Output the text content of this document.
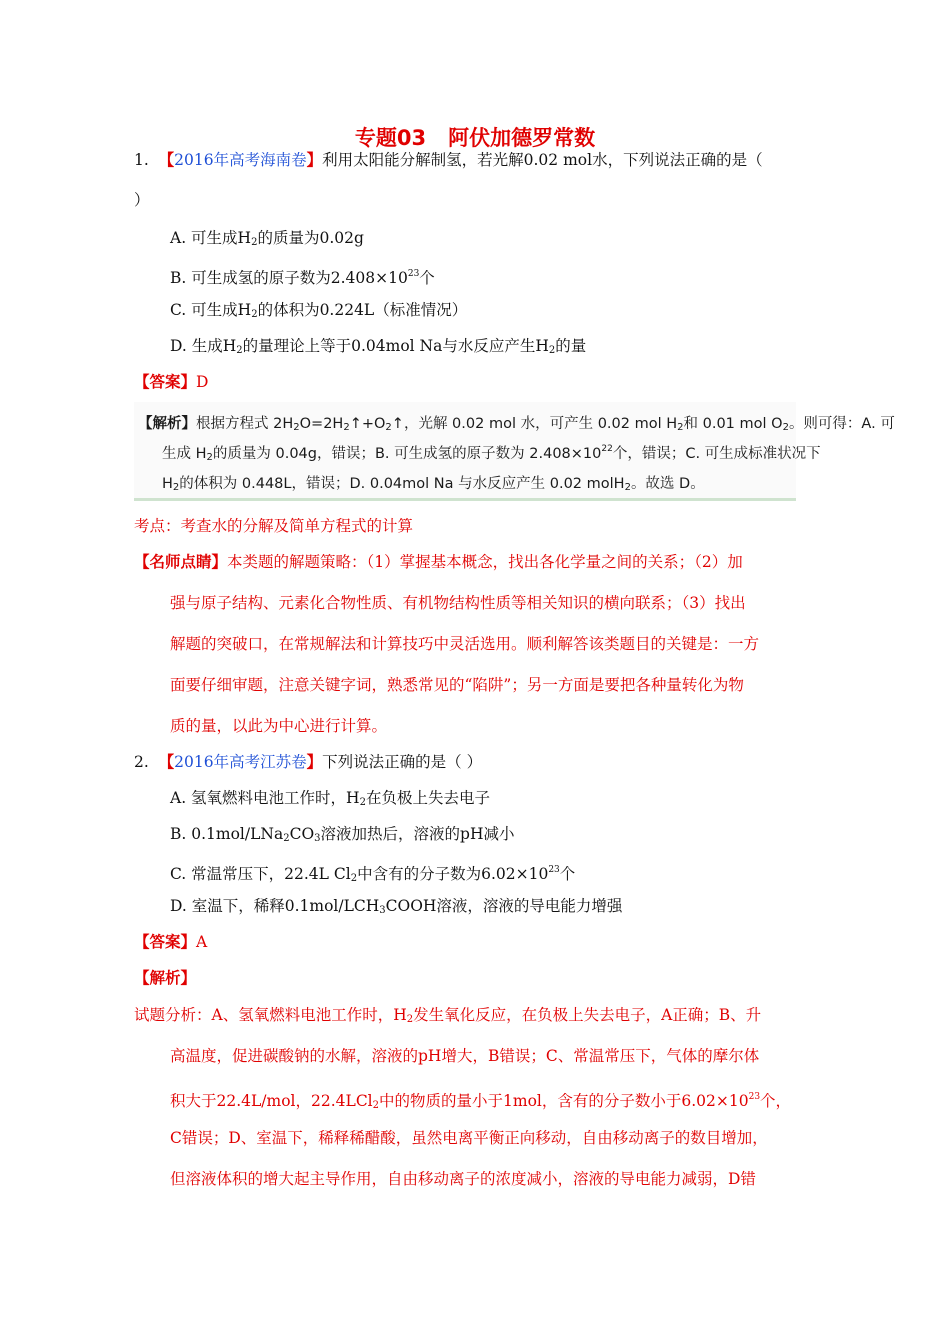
专题03 阿伏加德罗常数
1. 【2016年高考海南卷】利用太阳能分解制氢，若光解0.02 mol水，下列说法正确的是（
）
A. 可生成$H_2$的质量为0.02g
B. 可生成氢的原子数为$2.408\times 10^{23}$个
C. 可生成$H_2$的体积为0.224L（标准情况）
D. 生成$H_2$的量理论上等于0.04mol Na与水反应产生$H_2$的量
【答案】D
【解析】根据方程式 $2H_2O=2H_2↑+O_2↑$，光解 0.02 mol 水，可产生 0.02 mol $H_2$和 0.01 mol $O_2$。则可得：A. 可
生成 $H_2$的质量为 0.04g，错误；B. 可生成氢的原子数为 $2.408\times 10^{22}$个，错误；C. 可生成标准状况下
$H_2$的体积为 0.448L，错误；D. 0.04mol Na 与水反应产生 0.02 molH$_2$。故选 D。
考点：考查水的分解及简单方程式的计算
【名师点睛】本类题的解题策略：（1）掌握基本概念，找出各化学量之间的关系；（2）加
强与原子结构、元素化合物性质、有机物结构性质等相关知识的横向联系；（3）找出
解题的突破口，在常规解法和计算技巧中灵活选用。顺利解答该类题目的关键是：一方
面要仔细审题，注意关键字词，熟悉常见的“陷阱”；另一方面是要把各种量转化为物
质的量，以此为中心进行计算。
2. 【2016年高考江苏卷】下列说法正确的是（ ）
A. 氢氧燃料电池工作时，$H_2$在负极上失去电子
B. $0.1mol/LNa_2CO_3$溶液加热后，溶液的pH减小
C. 常温常压下，22.4L $Cl_2$中含有的分子数为$6.02\times 10^{23}$个
D. 室温下，稀释$0.1mol/LCH_3COOH$溶液，溶液的导电能力增强
【答案】A
【解析】
试题分析：A、氢氧燃料电池工作时，$H_2$发生氧化反应，在负极上失去电子，A正确；B、升
高温度，促进碳酸钠的水解，溶液的pH增大，B错误；C、常温常压下，气体的摩尔体
积大于22.4L/mol，22.4LCl$_2$中的物质的量小于1mol，含有的分子数小于$6.02\times 10^{23}$个，
C错误；D、室温下，稀释稀醋酸，虽然电离平衡正向移动，自由移动离子的数目增加，
但溶液体积的增大起主导作用，自由移动离子的浓度减小，溶液的导电能力减弱，D错
